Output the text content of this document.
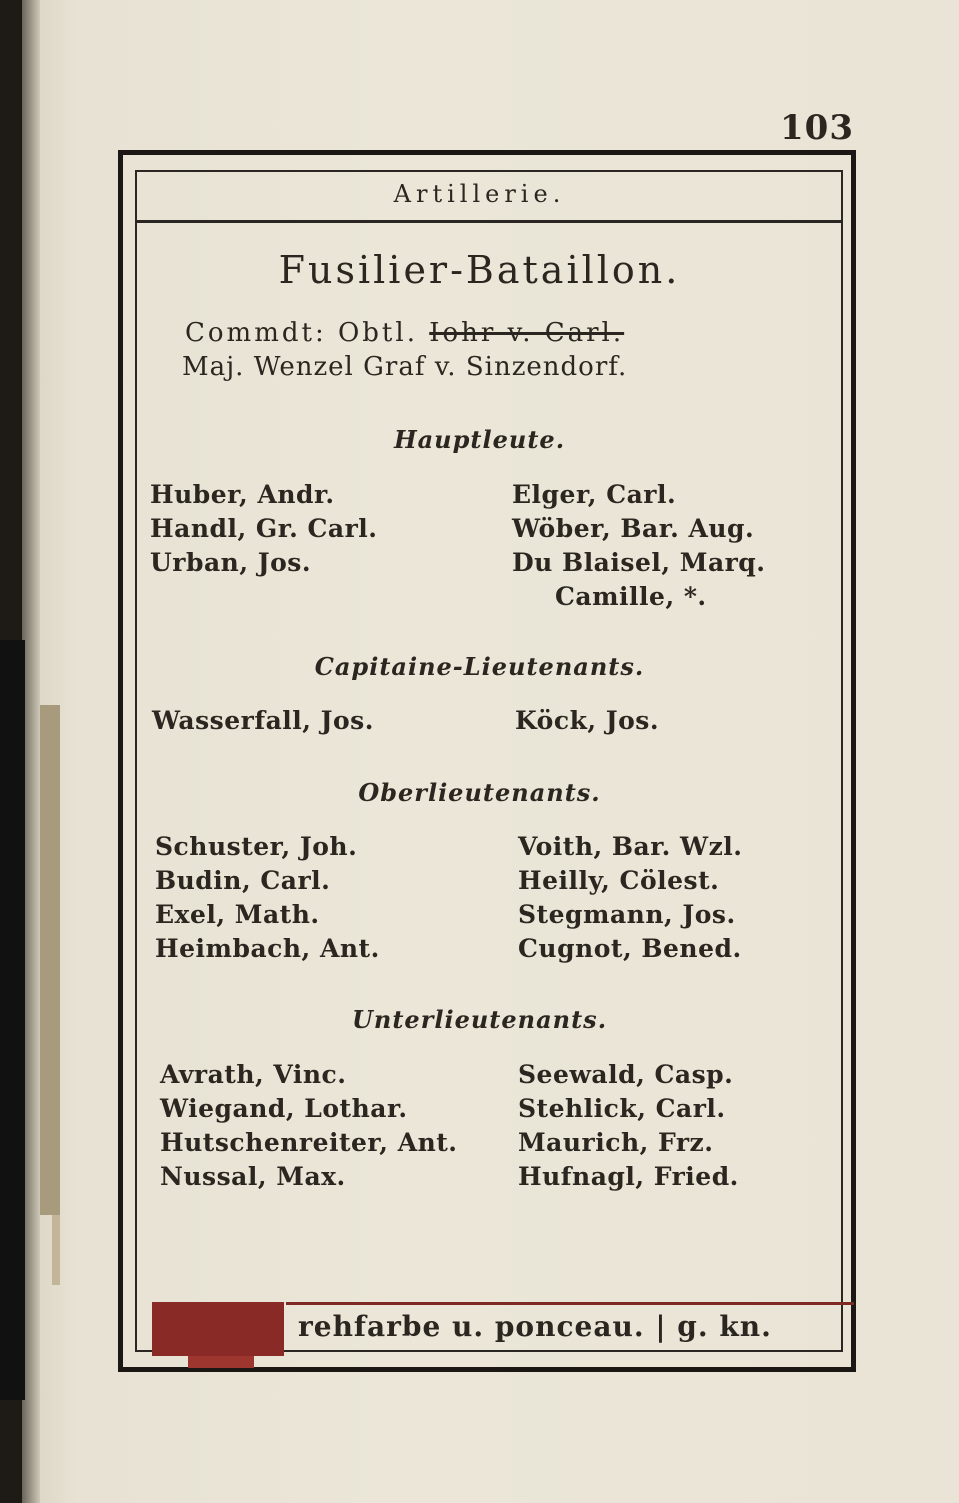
103
Artillerie.
Fusilier-Bataillon.
Commdt: Obtl. Iohr v. Carl.
Maj. Wenzel Graf v. Sinzendorf.
Hauptleute.
Huber, Andr.
Handl, Gr. Carl.
Urban, Jos.
Elger, Carl.
Wöber, Bar. Aug.
Du Blaisel, Marq.
Camille, *.
Capitaine-Lieutenants.
Wasserfall, Jos.	Köck, Jos.
Oberlieutenants.
Schuster, Joh.
Budin, Carl.
Exel, Math.
Heimbach, Ant.
Voith, Bar. Wzl.
Heilly, Cölest.
Stegmann, Jos.
Cugnot, Bened.
Unterlieutenants.
Avrath, Vinc.
Wiegand, Lothar.
Hutschenreiter, Ant.
Nussal, Max.
Seewald, Casp.
Stehlick, Carl.
Maurich, Frz.
Hufnagl, Fried.
rehfarbe u. ponceau. | g. kn.
